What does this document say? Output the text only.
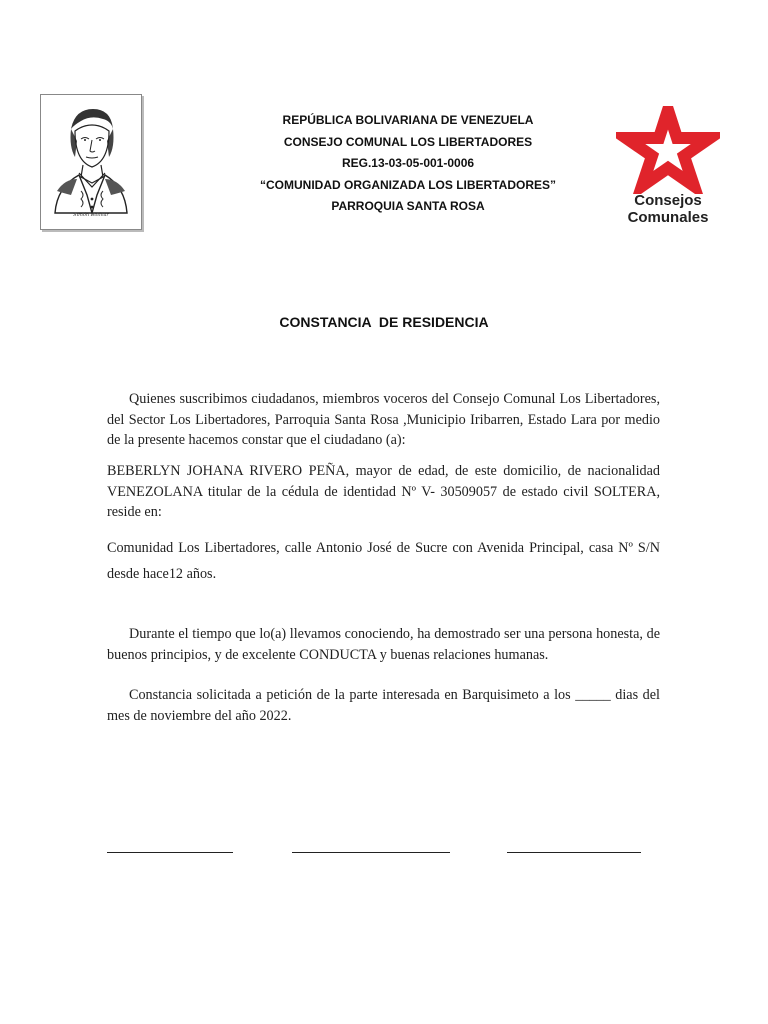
Simón Bolívar
REPÚBLICA BOLIVARIANA DE VENEZUELA
CONSEJO COMUNAL LOS LIBERTADORES
REG.13-03-05-001-0006
“COMUNIDAD ORGANIZADA LOS LIBERTADORES”
PARROQUIA SANTA ROSA	Consejos
Comunales
CONSTANCIA  DE RESIDENCIA
Quienes suscribimos ciudadanos, miembros voceros del Consejo Comunal Los Libertadores, del Sector Los Libertadores, Parroquia Santa Rosa ,Municipio Iribarren, Estado Lara por medio de la presente hacemos constar que el ciudadano (a):
BEBERLYN JOHANA RIVERO PEÑA, mayor de edad, de este domicilio, de nacionalidad VENEZOLANA titular de la cédula de identidad Nº V- 30509057 de estado civil SOLTERA, reside en:
Comunidad Los Libertadores, calle Antonio José de Sucre con Avenida Principal, casa Nº S/N desde hace12 años.
Durante el tiempo que lo(a) llevamos conociendo, ha demostrado ser una persona honesta, de buenos principios, y de excelente CONDUCTA y buenas relaciones humanas.
Constancia solicitada a petición de la parte interesada en Barquisimeto a los _____ dias del mes de noviembre del año 2022.
